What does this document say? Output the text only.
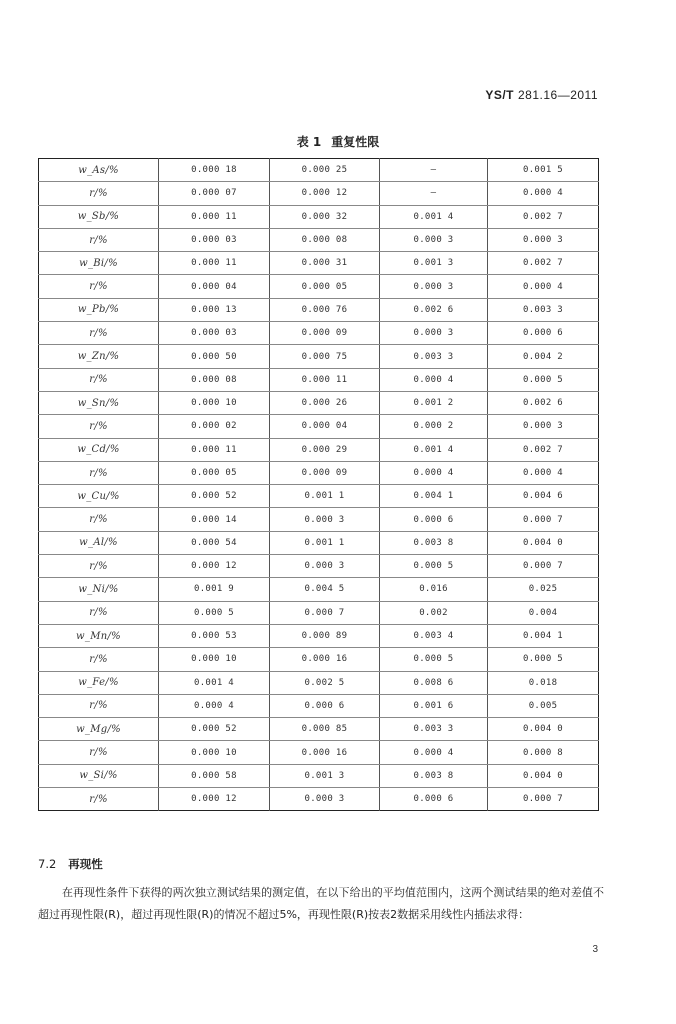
YS/T 281.16—2011
表 1 重复性限
w_As/%	0.000 18	0.000 25	—	0.001 5
r/%	0.000 07	0.000 12	—	0.000 4
w_Sb/%	0.000 11	0.000 32	0.001 4	0.002 7
r/%	0.000 03	0.000 08	0.000 3	0.000 3
w_Bi/%	0.000 11	0.000 31	0.001 3	0.002 7
r/%	0.000 04	0.000 05	0.000 3	0.000 4
w_Pb/%	0.000 13	0.000 76	0.002 6	0.003 3
r/%	0.000 03	0.000 09	0.000 3	0.000 6
w_Zn/%	0.000 50	0.000 75	0.003 3	0.004 2
r/%	0.000 08	0.000 11	0.000 4	0.000 5
w_Sn/%	0.000 10	0.000 26	0.001 2	0.002 6
r/%	0.000 02	0.000 04	0.000 2	0.000 3
w_Cd/%	0.000 11	0.000 29	0.001 4	0.002 7
r/%	0.000 05	0.000 09	0.000 4	0.000 4
w_Cu/%	0.000 52	0.001 1	0.004 1	0.004 6
r/%	0.000 14	0.000 3	0.000 6	0.000 7
w_Al/%	0.000 54	0.001 1	0.003 8	0.004 0
r/%	0.000 12	0.000 3	0.000 5	0.000 7
w_Ni/%	0.001 9	0.004 5	0.016	0.025
r/%	0.000 5	0.000 7	0.002	0.004
w_Mn/%	0.000 53	0.000 89	0.003 4	0.004 1
r/%	0.000 10	0.000 16	0.000 5	0.000 5
w_Fe/%	0.001 4	0.002 5	0.008 6	0.018
r/%	0.000 4	0.000 6	0.001 6	0.005
w_Mg/%	0.000 52	0.000 85	0.003 3	0.004 0
r/%	0.000 10	0.000 16	0.000 4	0.000 8
w_Si/%	0.000 58	0.001 3	0.003 8	0.004 0
r/%	0.000 12	0.000 3	0.000 6	0.000 7
7.2 再现性
在再现性条件下获得的两次独立测试结果的测定值，在以下给出的平均值范围内，这两个测试结果的绝对差值不超过再现性限(R)，超过再现性限(R)的情况不超过5%，再现性限(R)按表2数据采用线性内插法求得：
3
